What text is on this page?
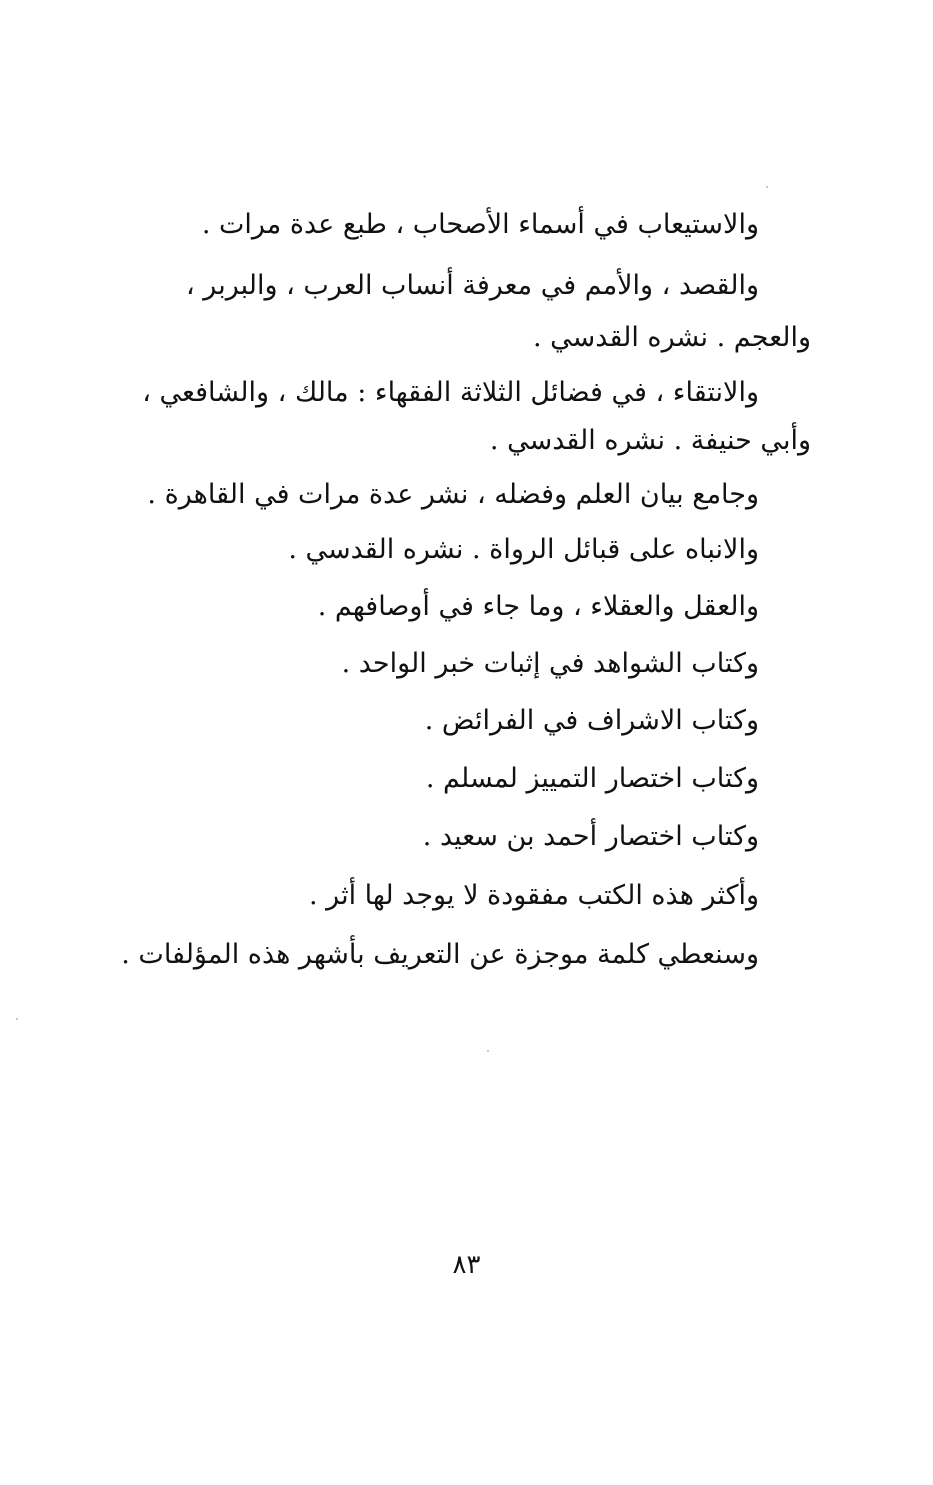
والاستيعاب في أسماء الأصحاب ، طبع عدة مرات .
والقصد ، والأمم في معرفة أنساب العرب ، والبربر ،
والعجم . نشره القدسي .
والانتقاء ، في فضائل الثلاثة الفقهاء : مالك ، والشافعي ،
وأبي حنيفة . نشره القدسي .
وجامع بيان العلم وفضله ، نشر عدة مرات في القاهرة .
والانباه على قبائل الرواة . نشره القدسي .
والعقل والعقلاء ، وما جاء في أوصافهم .
وكتاب الشواهد في إثبات خبر الواحد .
وكتاب الاشراف في الفرائض .
وكتاب اختصار التمييز لمسلم .
وكتاب اختصار أحمد بن سعيد .
وأكثر هذه الكتب مفقودة لا يوجد لها أثر .
وسنعطي كلمة موجزة عن التعريف بأشهر هذه المؤلفات .
٨٣
